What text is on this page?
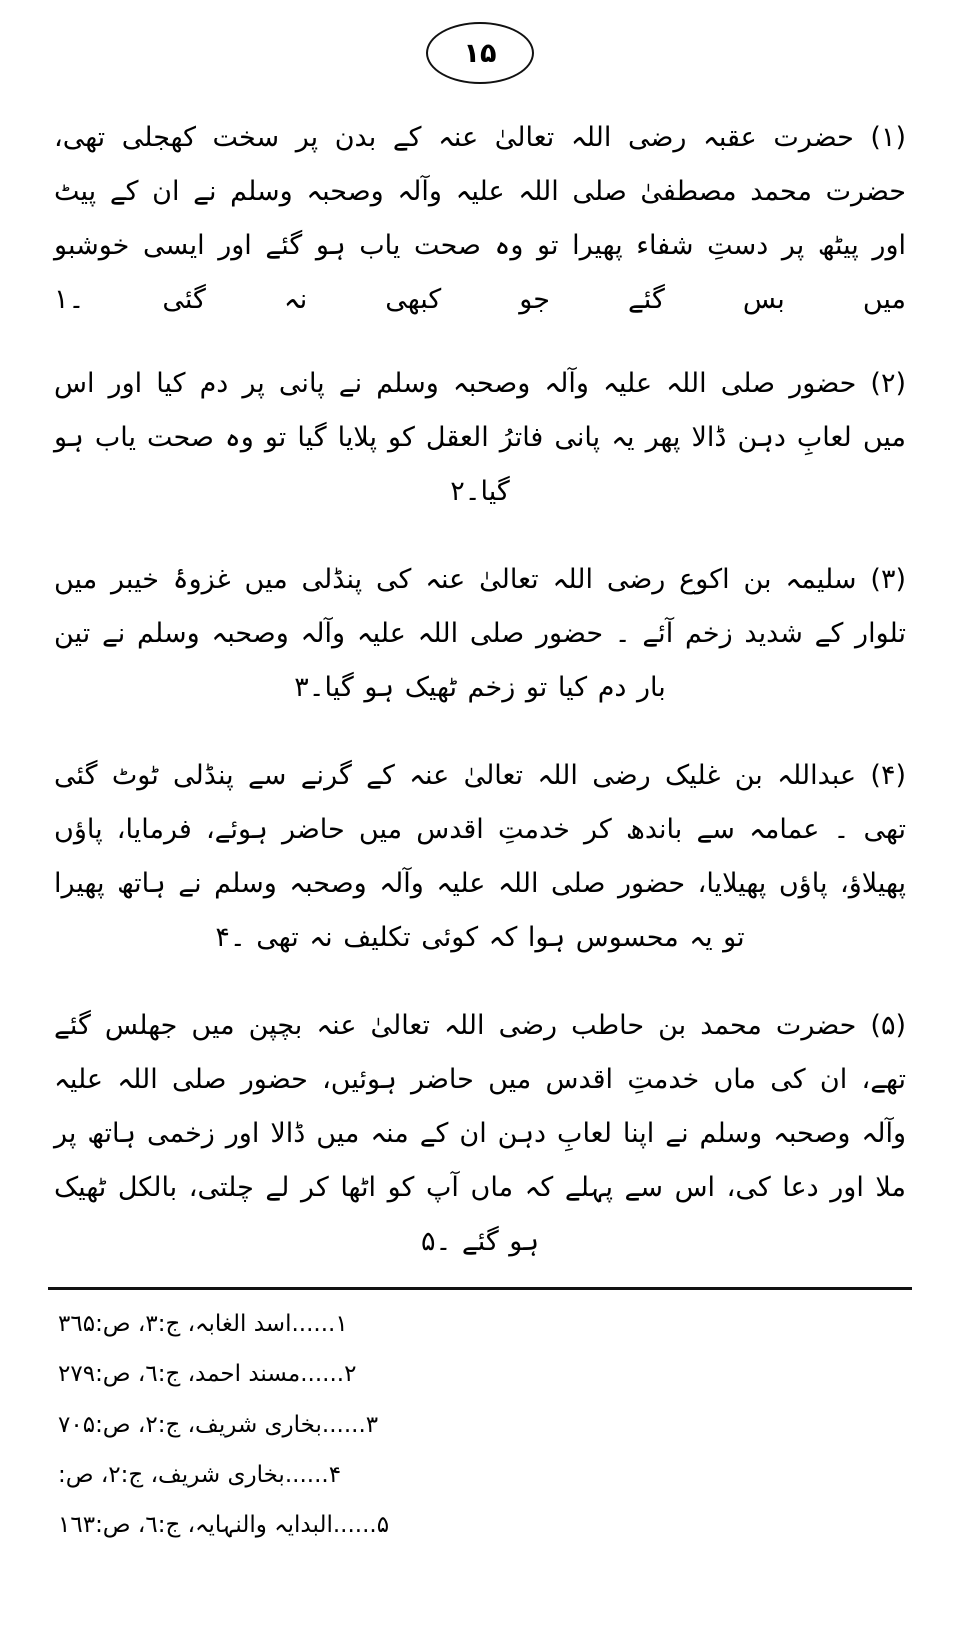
١۵

(١) حضرت عقبہ رضی اللہ تعالیٰ عنہ کے بدن پر سخت کھجلی تھی، حضرت محمد مصطفیٰ صلی اللہ علیہ وآلہ وصحبہ وسلم نے ان کے پیٹ اور پیٹھ پر دستِ شفاء پھیرا تو وہ صحت یاب ہو گئے اور ایسی خوشبو میں بس گئے جو کبھی نہ گئی ۔١

(٢) حضور صلی اللہ علیہ وآلہ وصحبہ وسلم نے پانی پر دم کیا اور اس میں لعابِ دہن ڈالا پھر یہ پانی فاترُ العقل کو پلایا گیا تو وہ صحت یاب ہو گیا۔٢

(٣) سلیمہ بن اکوع رضی اللہ تعالیٰ عنہ کی پنڈلی میں غزوۂ خیبر میں تلوار کے شدید زخم آئے ۔ حضور صلی اللہ علیہ وآلہ وصحبہ وسلم نے تین بار دم کیا تو زخم ٹھیک ہو گیا۔٣

(۴) عبداللہ بن غلیک رضی اللہ تعالیٰ عنہ کے گرنے سے پنڈلی ٹوٹ گئی تھی ۔ عمامہ سے باندھ کر خدمتِ اقدس میں حاضر ہوئے، فرمایا، پاؤں پھیلاؤ، پاؤں پھیلایا، حضور صلی اللہ علیہ وآلہ وصحبہ وسلم نے ہاتھ پھیرا تو یہ محسوس ہوا کہ کوئی تکلیف نہ تھی ۔۴

(۵) حضرت محمد بن حاطب رضی اللہ تعالیٰ عنہ بچپن میں جھلس گئے تھے، ان کی ماں خدمتِ اقدس میں حاضر ہوئیں، حضور صلی اللہ علیہ وآلہ وصحبہ وسلم نے اپنا لعابِ دہن ان کے منہ میں ڈالا اور زخمی ہاتھ پر ملا اور دعا کی، اس سے پہلے کہ ماں آپ کو اٹھا کر لے چلتی، بالکل ٹھیک ہو گئے ۔۵

١......اسد الغابہ، ج:٣، ص:٣٦۵
٢......مسند احمد، ج:٦، ص:٢٧٩
٣......بخاری شریف، ج:٢، ص:٧٠۵
۴......بخاری شریف، ج:٢، ص:
۵......البدایہ والنہایہ، ج:٦، ص:١٦٣
